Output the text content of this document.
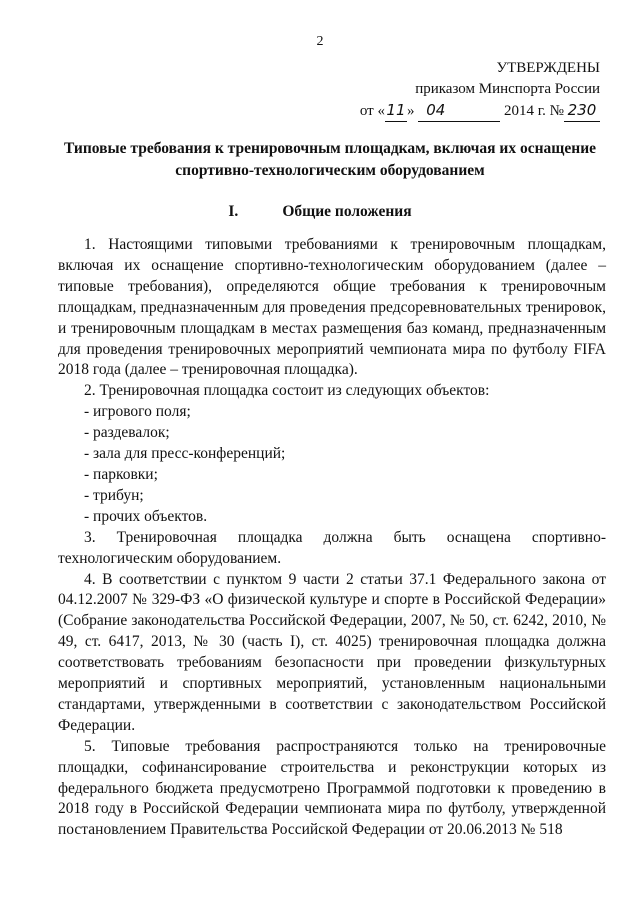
2
УТВЕРЖДЕНЫ
приказом Минспорта России
от «11» 04	2014 г. № 230
Типовые требования к тренировочным площадкам, включая их оснащение
спортивно-технологическим оборудованием
I.	Общие положения

1. Настоящими типовыми требованиями к тренировочным площадкам, включая их оснащение спортивно-технологическим оборудованием (далее – типовые требования), определяются общие требования к тренировочным площадкам, предназначенным для проведения предсоревновательных тренировок, и тренировочным площадкам в местах размещения баз команд, предназначенным для проведения тренировочных мероприятий чемпионата мира по футболу FIFA 2018 года (далее – тренировочная площадка).

2. Тренировочная площадка состоит из следующих объектов:

- игрового поля;

- раздевалок;

- зала для пресс-конференций;

- парковки;

- трибун;

- прочих объектов.

3. Тренировочная площадка должна быть оснащена спортивно-технологическим оборудованием.

4. В соответствии с пунктом 9 части 2 статьи 37.1 Федерального закона от 04.12.2007 № 329-ФЗ «О физической культуре и спорте в Российской Федерации» (Собрание законодательства Российской Федерации, 2007, № 50, ст. 6242, 2010, № 49, ст. 6417, 2013, № 30 (часть I), ст. 4025) тренировочная площадка должна соответствовать требованиям безопасности при проведении физкультурных мероприятий и спортивных мероприятий, установленным национальными стандартами, утвержденными в соответствии с законодательством Российской Федерации.

5. Типовые требования распространяются только на тренировочные площадки, софинансирование строительства и реконструкции которых из федерального бюджета предусмотрено Программой подготовки к проведению в 2018 году в Российской Федерации чемпионата мира по футболу, утвержденной постановлением Правительства Российской Федерации от 20.06.2013 № 518
